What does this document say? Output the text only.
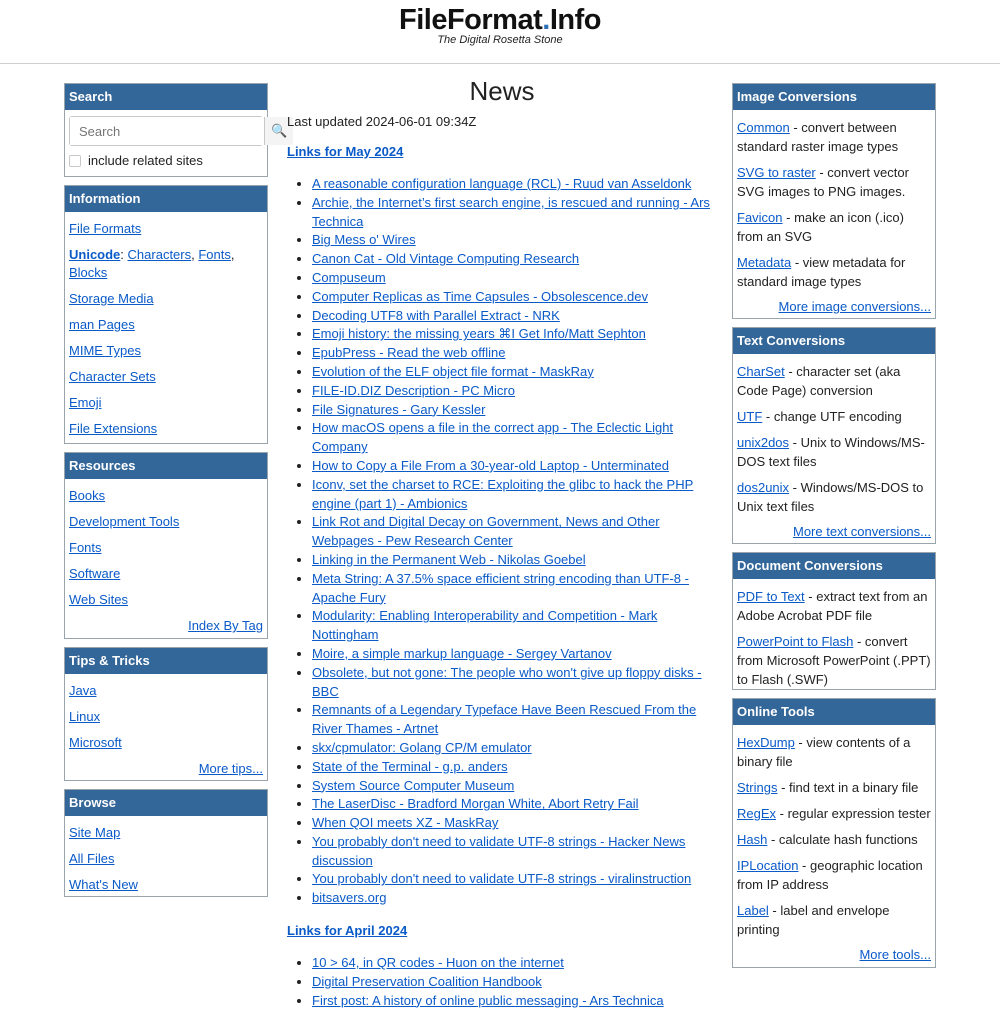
FileFormat.Info
The Digital Rosetta Stone
Search
Search
🔍
include related sites
Information
File Formats
Unicode: Characters, Fonts, Blocks
Storage Media
man Pages
MIME Types
Character Sets
Emoji
File Extensions
Resources
Books
Development Tools
Fonts
Software
Web Sites
Index By Tag
Tips & Tricks
Java
Linux
Microsoft
More tips...
Browse
Site Map
All Files
What's New
News
Last updated 2024-06-01 09:34Z
Links for May 2024
• A reasonable configuration language (RCL) - Ruud van Asseldonk
• Archie, the Internet’s first search engine, is rescued and running - Ars Technica
• Big Mess o' Wires
• Canon Cat - Old Vintage Computing Research
• Compuseum
• Computer Replicas as Time Capsules - Obsolescence.dev
• Decoding UTF8 with Parallel Extract - NRK
• Emoji history: the missing years ⌘I Get Info/Matt Sephton
• EpubPress - Read the web offline
• Evolution of the ELF object file format - MaskRay
• FILE-ID.DIZ Description - PC Micro
• File Signatures - Gary Kessler
• How macOS opens a file in the correct app - The Eclectic Light Company
• How to Copy a File From a 30-year-old Laptop - Unterminated
• Iconv, set the charset to RCE: Exploiting the glibc to hack the PHP engine (part 1) - Ambionics
• Link Rot and Digital Decay on Government, News and Other Webpages - Pew Research Center
• Linking in the Permanent Web - Nikolas Goebel
• Meta String: A 37.5% space efficient string encoding than UTF-8 - Apache Fury
• Modularity: Enabling Interoperability and Competition - Mark Nottingham
• Moire, a simple markup language - Sergey Vartanov
• Obsolete, but not gone: The people who won't give up floppy disks - BBC
• Remnants of a Legendary Typeface Have Been Rescued From the River Thames - Artnet
• skx/cpmulator: Golang CP/M emulator
• State of the Terminal - g.p. anders
• System Source Computer Museum
• The LaserDisc - Bradford Morgan White, Abort Retry Fail
• When QOI meets XZ - MaskRay
• You probably don't need to validate UTF-8 strings - Hacker News discussion
• You probably don't need to validate UTF-8 strings - viralinstruction
• bitsavers.org
Links for April 2024
• 10 > 64, in QR codes - Huon on the internet
• Digital Preservation Coalition Handbook
• First post: A history of online public messaging - Ars Technica
Image Conversions
Common - convert between standard raster image types
SVG to raster - convert vector SVG images to PNG images.
Favicon - make an icon (.ico) from an SVG
Metadata - view metadata for standard image types
More image conversions...
Text Conversions
CharSet - character set (aka Code Page) conversion
UTF - change UTF encoding
unix2dos - Unix to Windows/MS-DOS text files
dos2unix - Windows/MS-DOS to Unix text files
More text conversions...
Document Conversions
PDF to Text - extract text from an Adobe Acrobat PDF file
PowerPoint to Flash - convert from Microsoft PowerPoint (.PPT) to Flash (.SWF)
Online Tools
HexDump - view contents of a binary file
Strings - find text in a binary file
RegEx - regular expression tester
Hash - calculate hash functions
IPLocation - geographic location from IP address
Label - label and envelope printing
More tools...
